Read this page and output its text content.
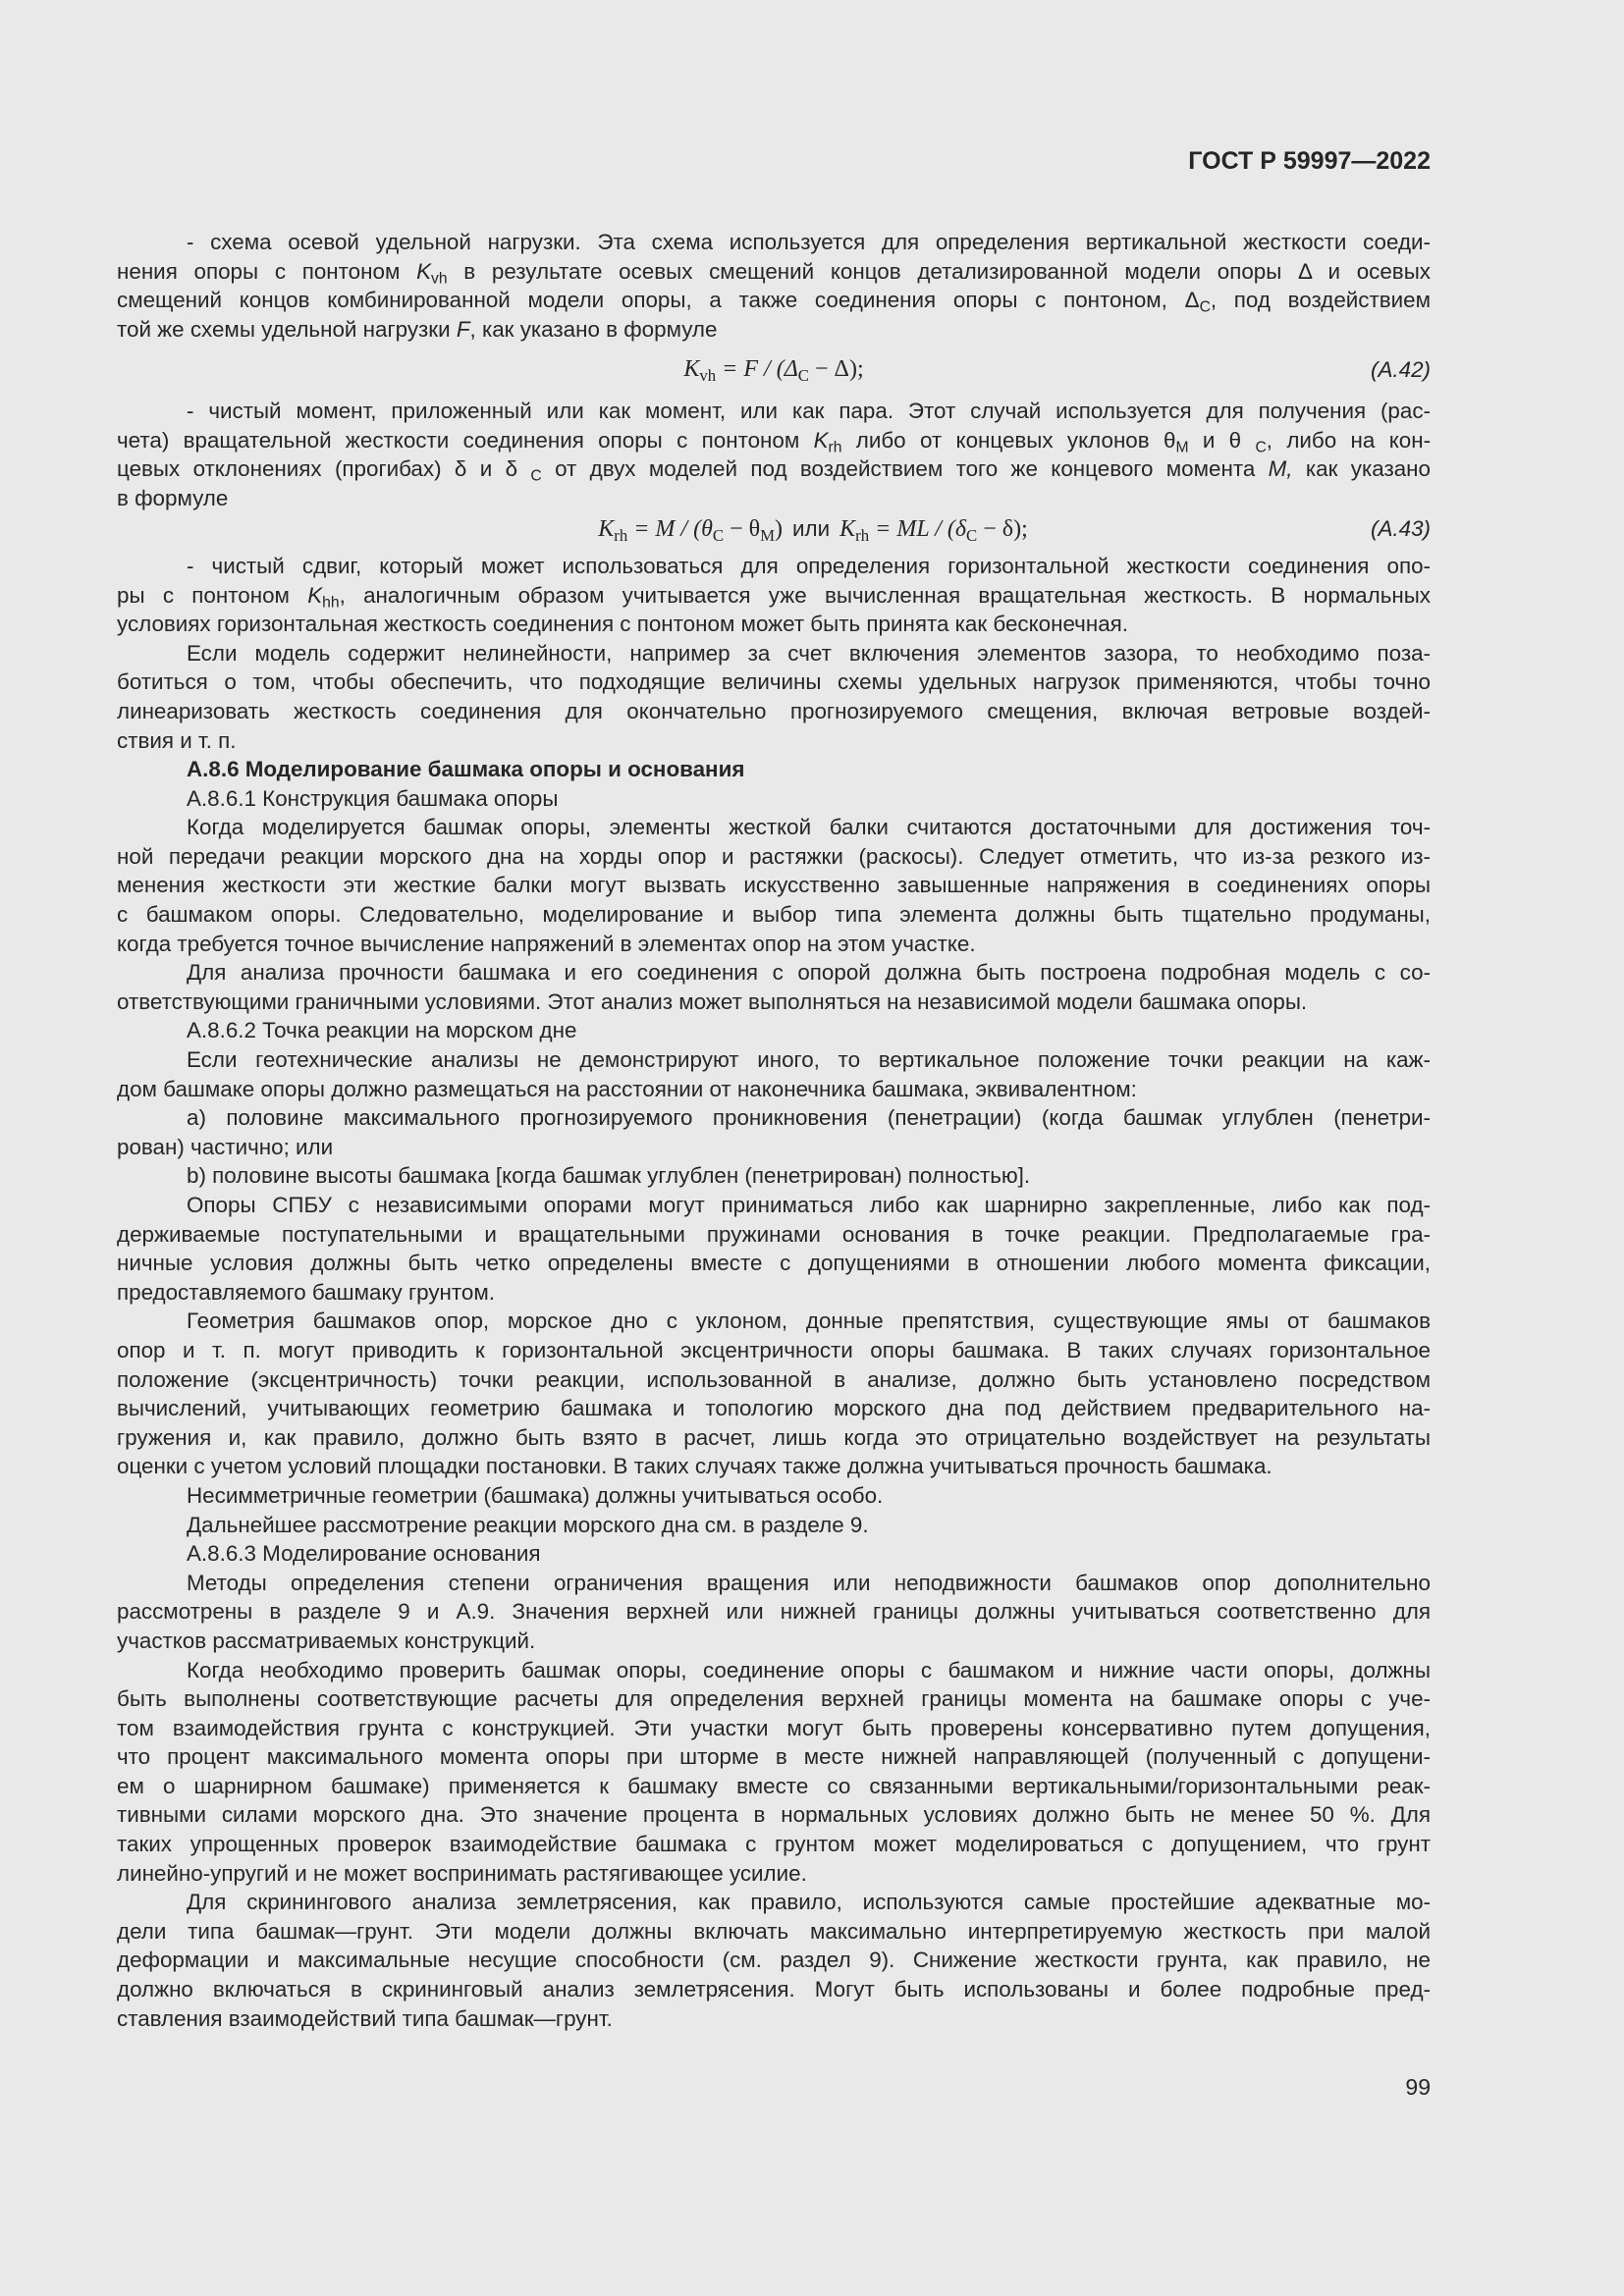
ГОСТ Р 59997—2022
- схема осевой удельной нагрузки. Эта схема используется для определения вертикальной жесткости соеди-
нения опоры с понтоном $K_{vh}$ в результате осевых смещений концов детализированной модели опоры Δ и осевых
смещений концов комбинированной модели опоры, а также соединения опоры с понтоном, $\Delta_C$, под воздействием
той же схемы удельной нагрузки F, как указано в формуле
$K_{vh} = F / (\Delta_C - \Delta)$;	(A.42)
- чистый момент, приложенный или как момент, или как пара. Этот случай используется для получения (рас-
чета) вращательной жесткости соединения опоры с понтоном $K_{rh}$ либо от концевых уклонов $\theta_M$ и θ $_C$, либо на кон-
цевых отклонениях (прогибах) δ и δ $_C$ от двух моделей под воздействием того же концевого момента M, как указано
в формуле
$K_{rh} = M / (\theta_C - \theta_M)$ или $K_{rh}$ = ML / $(\delta_C - \delta)$;	(A.43)
- чистый сдвиг, который может использоваться для определения горизонтальной жесткости соединения опо-
ры с понтоном $K_{hh}$, аналогичным образом учитывается уже вычисленная вращательная жесткость. В нормальных
условиях горизонтальная жесткость соединения с понтоном может быть принята как бесконечная.
Если модель содержит нелинейности, например за счет включения элементов зазора, то необходимо поза-
ботиться о том, чтобы обеспечить, что подходящие величины схемы удельных нагрузок применяются, чтобы точно
линеаризовать жесткость соединения для окончательно прогнозируемого смещения, включая ветровые воздей-
ствия и т. п.
А.8.6 Моделирование башмака опоры и основания
А.8.6.1 Конструкция башмака опоры
Когда моделируется башмак опоры, элементы жесткой балки считаются достаточными для достижения точ-
ной передачи реакции морского дна на хорды опор и растяжки (раскосы). Следует отметить, что из-за резкого из-
менения жесткости эти жесткие балки могут вызвать искусственно завышенные напряжения в соединениях опоры
с башмаком опоры. Следовательно, моделирование и выбор типа элемента должны быть тщательно продуманы,
когда требуется точное вычисление напряжений в элементах опор на этом участке.
Для анализа прочности башмака и его соединения с опорой должна быть построена подробная модель с со-
ответствующими граничными условиями. Этот анализ может выполняться на независимой модели башмака опоры.
А.8.6.2 Точка реакции на морском дне
Если геотехнические анализы не демонстрируют иного, то вертикальное положение точки реакции на каж-
дом башмаке опоры должно размещаться на расстоянии от наконечника башмака, эквивалентном:
a) половине максимального прогнозируемого проникновения (пенетрации) (когда башмак углублен (пенетри-
рован) частично; или
b) половине высоты башмака [когда башмак углублен (пенетрирован) полностью].
Опоры СПБУ с независимыми опорами могут приниматься либо как шарнирно закрепленные, либо как под-
держиваемые поступательными и вращательными пружинами основания в точке реакции. Предполагаемые гра-
ничные условия должны быть четко определены вместе с допущениями в отношении любого момента фиксации,
предоставляемого башмаку грунтом.
Геометрия башмаков опор, морское дно с уклоном, донные препятствия, существующие ямы от башмаков
опор и т. п. могут приводить к горизонтальной эксцентричности опоры башмака. В таких случаях горизонтальное
положение (эксцентричность) точки реакции, использованной в анализе, должно быть установлено посредством
вычислений, учитывающих геометрию башмака и топологию морского дна под действием предварительного на-
гружения и, как правило, должно быть взято в расчет, лишь когда это отрицательно воздействует на результаты
оценки с учетом условий площадки постановки. В таких случаях также должна учитываться прочность башмака.
Несимметричные геометрии (башмака) должны учитываться особо.
Дальнейшее рассмотрение реакции морского дна см. в разделе 9.
А.8.6.3 Моделирование основания
Методы определения степени ограничения вращения или неподвижности башмаков опор дополнительно
рассмотрены в разделе 9 и А.9. Значения верхней или нижней границы должны учитываться соответственно для
участков рассматриваемых конструкций.
Когда необходимо проверить башмак опоры, соединение опоры с башмаком и нижние части опоры, должны
быть выполнены соответствующие расчеты для определения верхней границы момента на башмаке опоры с уче-
том взаимодействия грунта с конструкцией. Эти участки могут быть проверены консервативно путем допущения,
что процент максимального момента опоры при шторме в месте нижней направляющей (полученный с допущени-
ем о шарнирном башмаке) применяется к башмаку вместе со связанными вертикальными/горизонтальными реак-
тивными силами морского дна. Это значение процента в нормальных условиях должно быть не менее 50 %. Для
таких упрощенных проверок взаимодействие башмака с грунтом может моделироваться с допущением, что грунт
линейно-упругий и не может воспринимать растягивающее усилие.
Для скринингового анализа землетрясения, как правило, используются самые простейшие адекватные мо-
дели типа башмак—грунт. Эти модели должны включать максимально интерпретируемую жесткость при малой
деформации и максимальные несущие способности (см. раздел 9). Снижение жесткости грунта, как правило, не
должно включаться в скрининговый анализ землетрясения. Могут быть использованы и более подробные пред-
ставления взаимодействий типа башмак—грунт.
99
